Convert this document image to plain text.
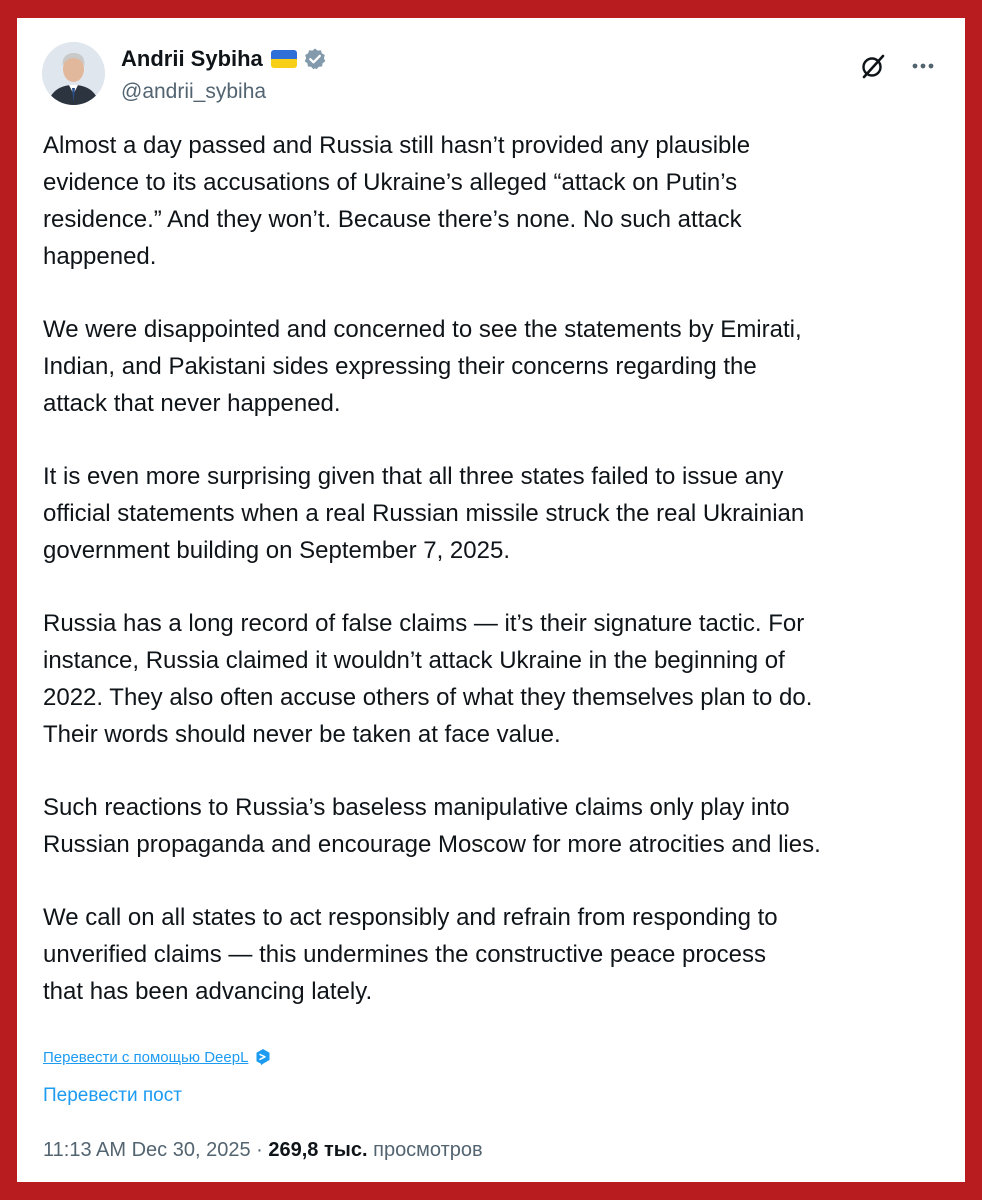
Andrii Sybiha
@andrii_sybiha

Almost a day passed and Russia still hasn’t provided any plausible
evidence to its accusations of Ukraine’s alleged “attack on Putin’s
residence.” And they won’t. Because there’s none. No such attack
happened.

We were disappointed and concerned to see the statements by Emirati,
Indian, and Pakistani sides expressing their concerns regarding the
attack that never happened.

It is even more surprising given that all three states failed to issue any
official statements when a real Russian missile struck the real Ukrainian
government building on September 7, 2025.

Russia has a long record of false claims — it’s their signature tactic. For
instance, Russia claimed it wouldn’t attack Ukraine in the beginning of
2022. They also often accuse others of what they themselves plan to do.
Their words should never be taken at face value.

Such reactions to Russia’s baseless manipulative claims only play into
Russian propaganda and encourage Moscow for more atrocities and lies.

We call on all states to act responsibly and refrain from responding to
unverified claims — this undermines the constructive peace process
that has been advancing lately.

Перевести с помощью DeepL
Перевести пост
11:13 AM Dec 30, 2025 · 269,8 тыс. просмотров
